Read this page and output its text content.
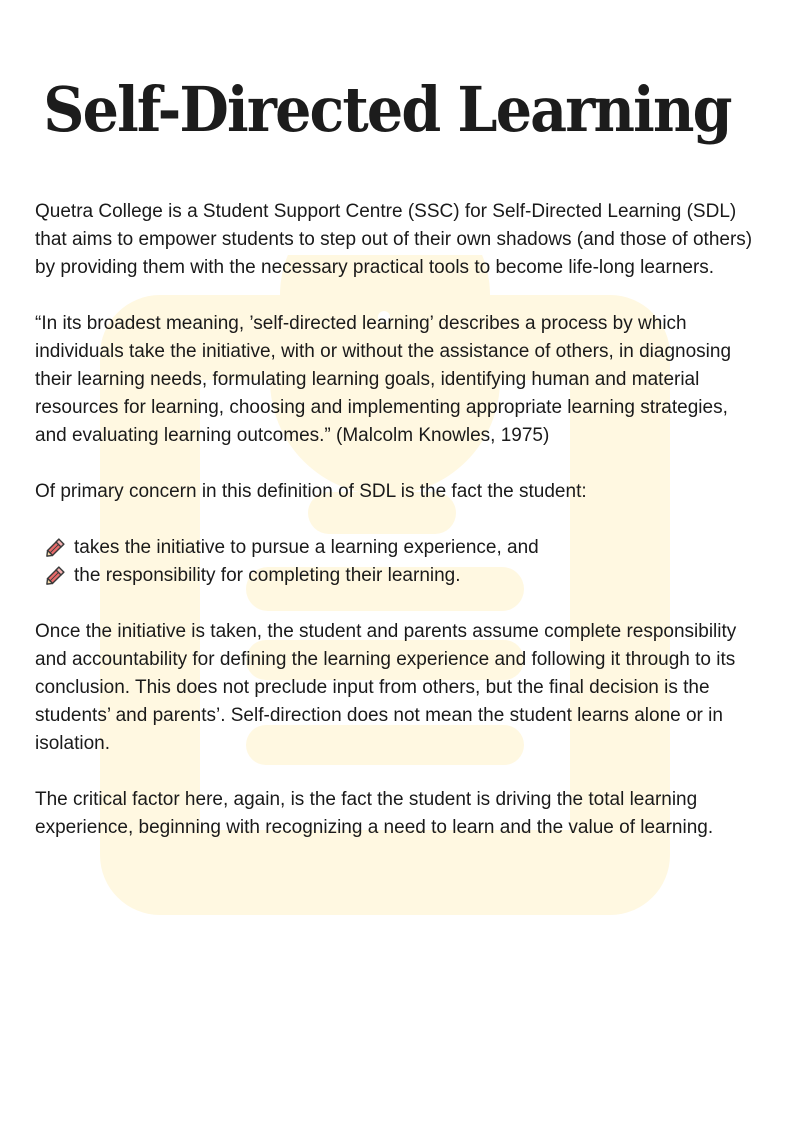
Self-Directed Learning

Quetra College is a Student Support Centre (SSC) for Self-Directed Learning (SDL) that aims to empower students to step out of their own shadows (and those of others) by providing them with the necessary practical tools to become life-long learners.

“In its broadest meaning, ’self-directed learning’ describes a process by which individuals take the initiative, with or without the assistance of others, in diagnosing their learning needs, formulating learning goals, identifying human and material resources for learning, choosing and implementing appropriate learning strategies, and evaluating learning outcomes.” (Malcolm Knowles, 1975)

Of primary concern in this definition of SDL is the fact the student:

takes the initiative to pursue a learning experience, and
the responsibility for completing their learning.

Once the initiative is taken, the student and parents assume complete responsibility and accountability for defining the learning experience and following it through to its conclusion. This does not preclude input from others, but the final decision is the students’ and parents’. Self-direction does not mean the student learns alone or in isolation.

The critical factor here, again, is the fact the student is driving the total learning experience, beginning with recognizing a need to learn and the value of learning.
